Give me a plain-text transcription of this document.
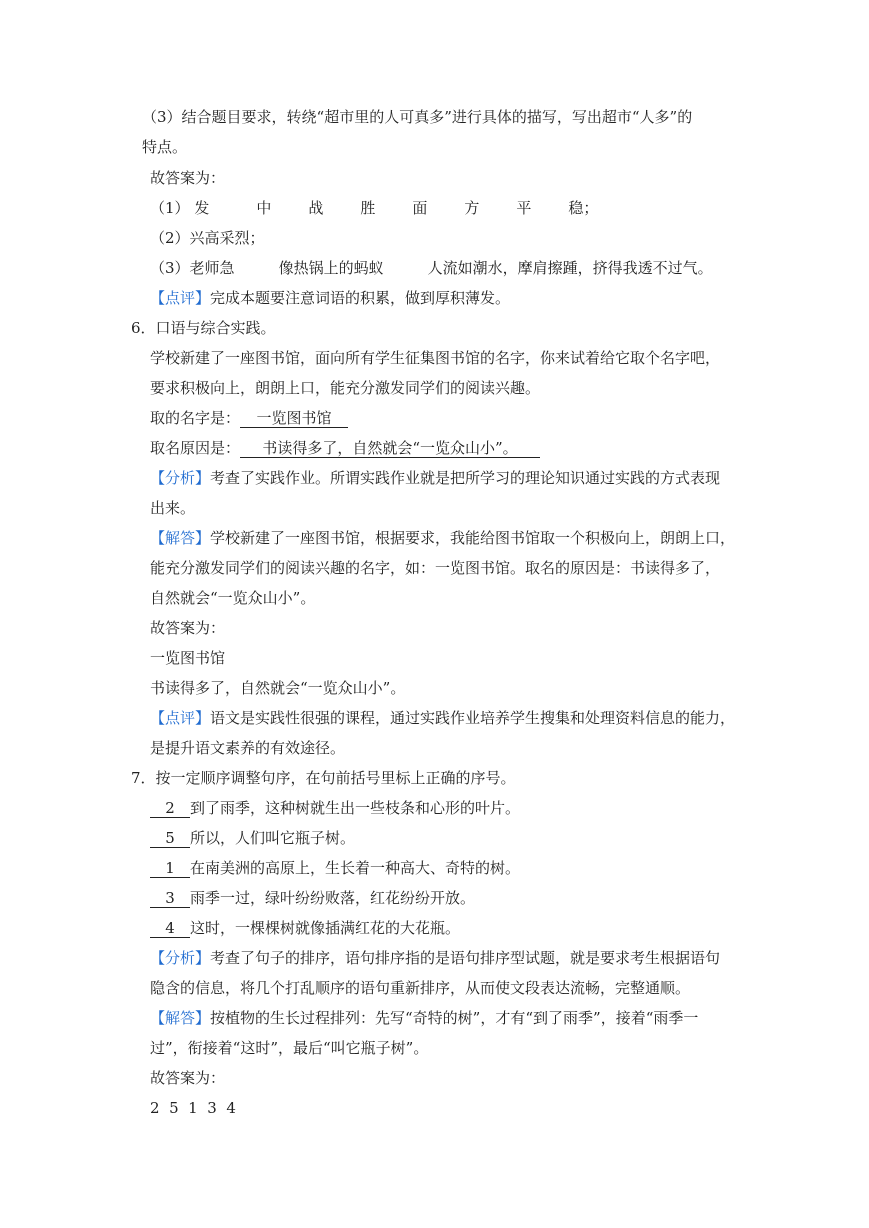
（3）结合题目要求，转绕“超市里的人可真多”进行具体的描写，写出超市“人多”的
特点。
故答案为：
（1） 发	中 战 胜 面 方 平 稳；
（2）兴高采烈；
（3）老师急	像热锅上的蚂蚁	人流如潮水，摩肩擦踵，挤得我透不过气。
【点评】完成本题要注意词语的积累，做到厚积薄发。
6．口语与综合实践。
学校新建了一座图书馆，面向所有学生征集图书馆的名字，你来试着给它取个名字吧，
要求积极向上，朗朗上口，能充分激发同学们的阅读兴趣。
取的名字是： 一览图书馆
取名原因是： 书读得多了，自然就会“一览众山小”。
【分析】考查了实践作业。所谓实践作业就是把所学习的理论知识通过实践的方式表现
出来。
【解答】学校新建了一座图书馆，根据要求，我能给图书馆取一个积极向上，朗朗上口，
能充分激发同学们的阅读兴趣的名字，如：一览图书馆。取名的原因是：书读得多了，
自然就会“一览众山小”。
故答案为：
一览图书馆
书读得多了，自然就会“一览众山小”。
【点评】语文是实践性很强的课程，通过实践作业培养学生搜集和处理资料信息的能力，
是提升语文素养的有效途径。
7．按一定顺序调整句序，在句前括号里标上正确的序号。
2 到了雨季，这种树就生出一些枝条和心形的叶片。
5 所以，人们叫它瓶子树。
1 在南美洲的高原上，生长着一种高大、奇特的树。
3 雨季一过，绿叶纷纷败落，红花纷纷开放。
4 这时，一棵棵树就像插满红花的大花瓶。
【分析】考查了句子的排序，语句排序指的是语句排序型试题，就是要求考生根据语句
隐含的信息，将几个打乱顺序的语句重新排序，从而使文段表达流畅，完整通顺。
【解答】按植物的生长过程排列：先写“奇特的树”，才有“到了雨季”，接着“雨季一
过”，衔接着“这时”，最后“叫它瓶子树”。
故答案为：
2  5  1  3  4
